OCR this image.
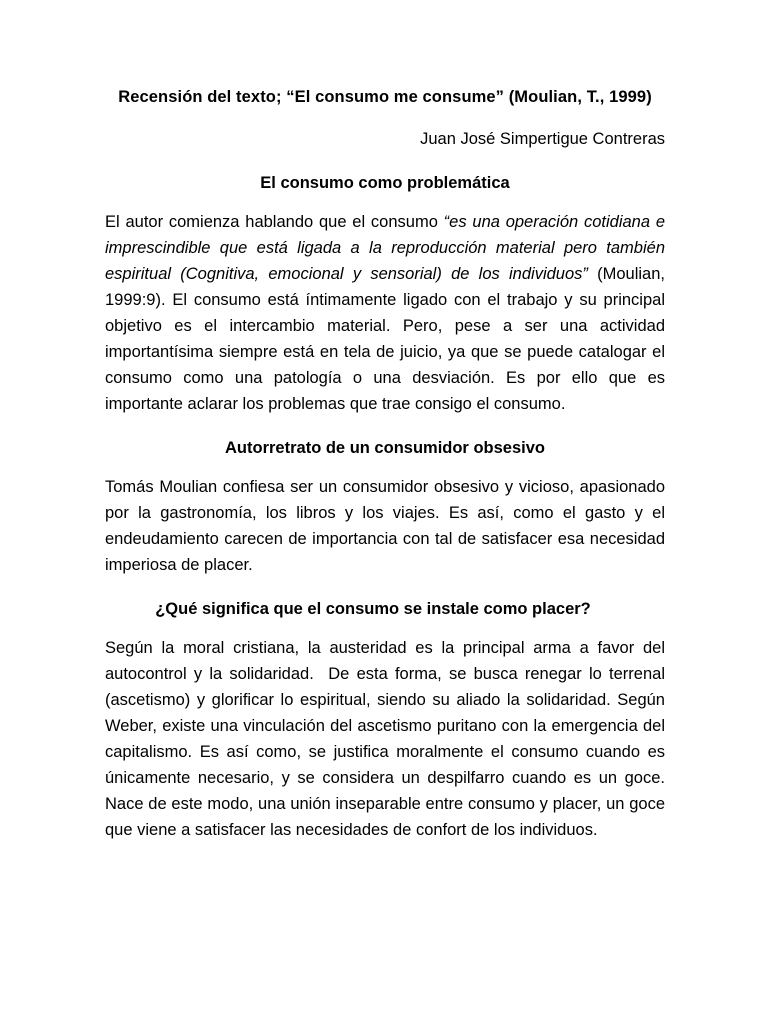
Recensión del texto; “El consumo me consume” (Moulian, T., 1999)

Juan José Simpertigue Contreras

El consumo como problemática

El autor comienza hablando que el consumo “es una operación cotidiana e imprescindible que está ligada a la reproducción material pero también espiritual (Cognitiva, emocional y sensorial) de los individuos” (Moulian, 1999:9). El consumo está íntimamente ligado con el trabajo y su principal objetivo es el intercambio material. Pero, pese a ser una actividad importantísima siempre está en tela de juicio, ya que se puede catalogar el consumo como una patología o una desviación. Es por ello que es importante aclarar los problemas que trae consigo el consumo.

Autorretrato de un consumidor obsesivo

Tomás Moulian confiesa ser un consumidor obsesivo y vicioso, apasionado por la gastronomía, los libros y los viajes. Es así, como el gasto y el endeudamiento carecen de importancia con tal de satisfacer esa necesidad imperiosa de placer.

¿Qué significa que el consumo se instale como placer?

Según la moral cristiana, la austeridad es la principal arma a favor del autocontrol y la solidaridad.  De esta forma, se busca renegar lo terrenal (ascetismo) y glorificar lo espiritual, siendo su aliado la solidaridad. Según Weber, existe una vinculación del ascetismo puritano con la emergencia del capitalismo. Es así como, se justifica moralmente el consumo cuando es únicamente necesario, y se considera un despilfarro cuando es un goce. Nace de este modo, una unión inseparable entre consumo y placer, un goce que viene a satisfacer las necesidades de confort de los individuos.
